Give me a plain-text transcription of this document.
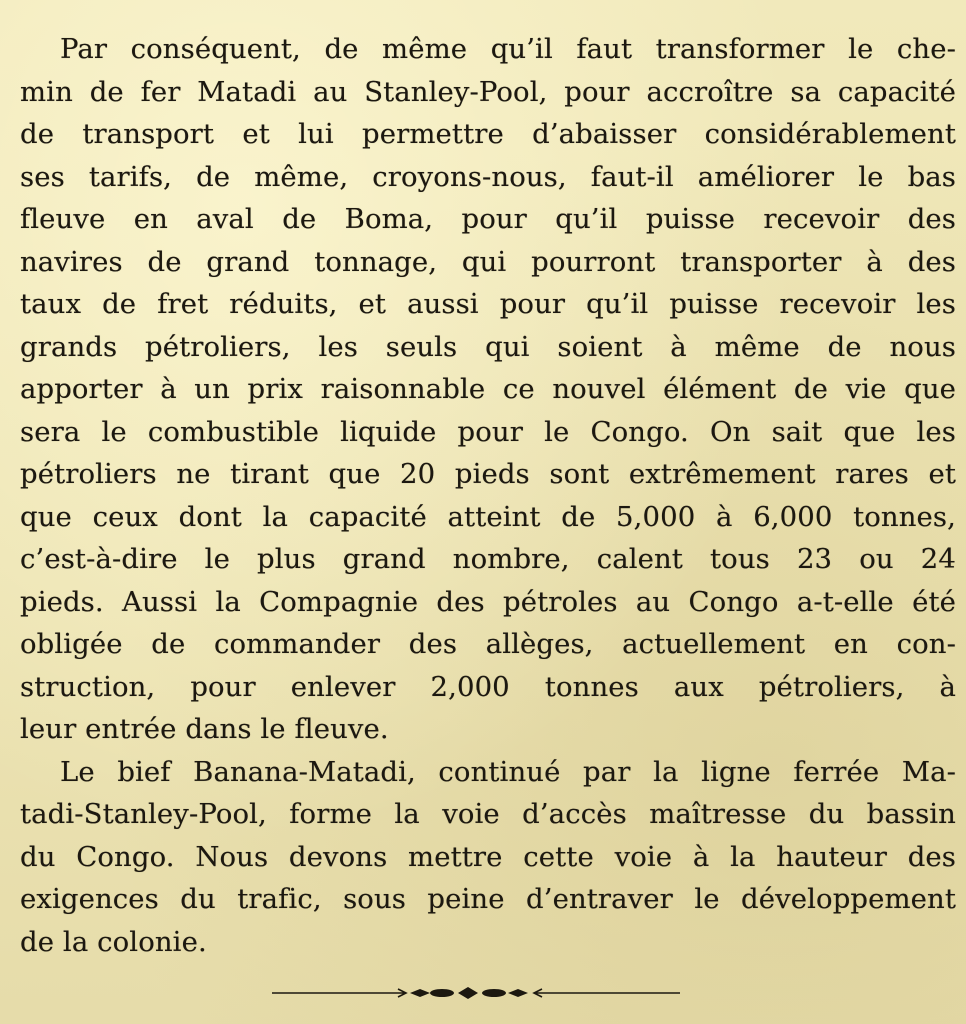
Par conséquent, de même qu’il faut transformer le che-
min de fer Matadi au Stanley-Pool, pour accroître sa capacité
de transport et lui permettre d’abaisser considérablement
ses tarifs, de même, croyons-nous, faut-il améliorer le bas
fleuve en aval de Boma, pour qu’il puisse recevoir des
navires de grand tonnage, qui pourront transporter à des
taux de fret réduits, et aussi pour qu’il puisse recevoir les
grands pétroliers, les seuls qui soient à même de nous
apporter à un prix raisonnable ce nouvel élément de vie que
sera le combustible liquide pour le Congo. On sait que les
pétroliers ne tirant que 20 pieds sont extrêmement rares et
que ceux dont la capacité atteint de 5,000 à 6,000 tonnes,
c’est-à-dire le plus grand nombre, calent tous 23 ou 24
pieds. Aussi la Compagnie des pétroles au Congo a-t-elle été
obligée de commander des allèges, actuellement en con-
struction, pour enlever 2,000 tonnes aux pétroliers, à
leur entrée dans le fleuve.
Le bief Banana-Matadi, continué par la ligne ferrée Ma-
tadi-Stanley-Pool, forme la voie d’accès maîtresse du bassin
du Congo. Nous devons mettre cette voie à la hauteur des
exigences du trafic, sous peine d’entraver le développement
de la colonie.
